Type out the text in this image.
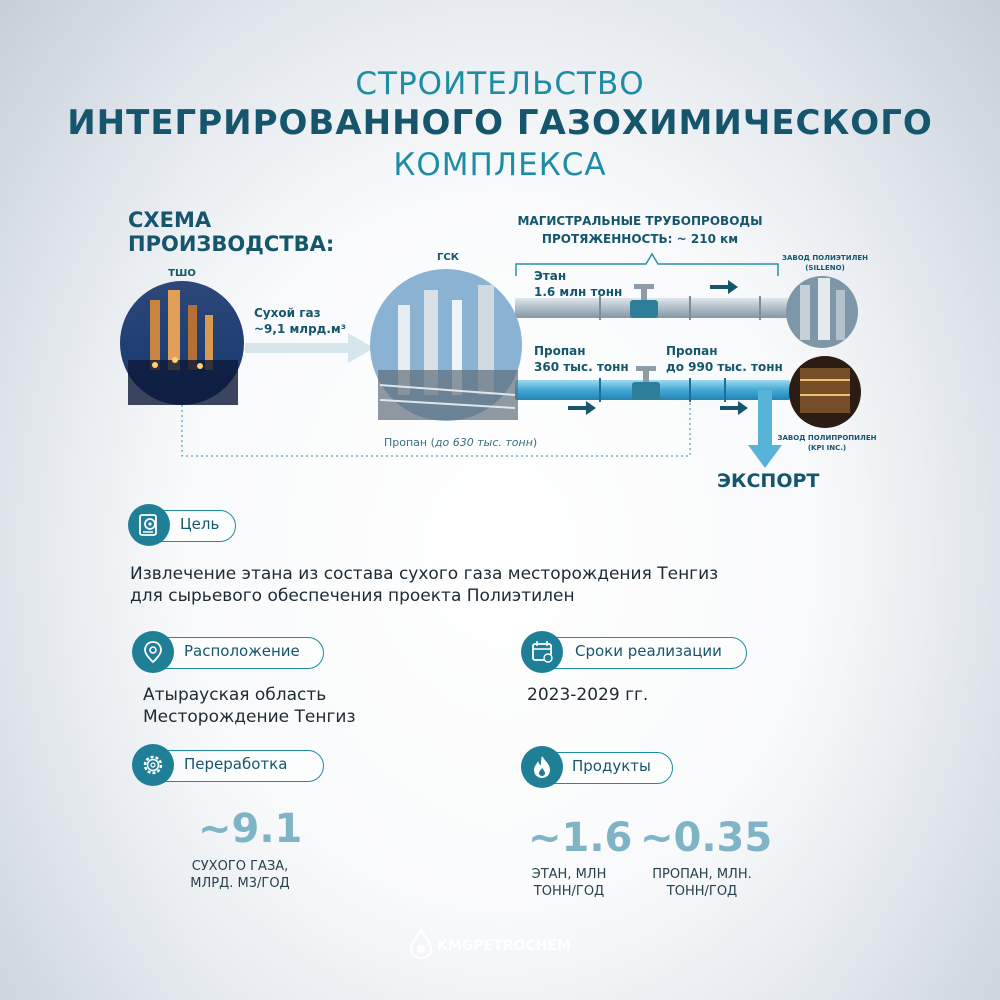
СТРОИТЕЛЬСТВО
ИНТЕГРИРОВАННОГО ГАЗОХИМИЧЕСКОГО
КОМПЛЕКСА
СХЕМА
ПРОИЗВОДСТВА:
ТШО
ГСК
Сухой газ
~9,1 млрд.м³
МАГИСТРАЛЬНЫЕ ТРУБОПРОВОДЫ
ПРОТЯЖЕННОСТЬ: ~ 210 км
Этан
1.6 млн тонн
Пропан
360 тыс. тонн
Пропан
до 990 тыс. тонн
Пропан (до 630 тыс. тонн)
ЗАВОД ПОЛИЭТИЛЕН
(SILLENO)
ЗАВОД ПОЛИПРОПИЛЕН
(KPI INC.)
ЭКСПОРТ
Цель
Извлечение этана из состава сухого газа месторождения Тенгиз
для сырьевого обеспечения проекта Полиэтилен
Расположение
Атырауская область
Месторождение Тенгиз
Сроки реализации
2023-2029 гг.
Переработка
~9.1
СУХОГО ГАЗА,
МЛРД. М3/ГОД
Продукты
~1.6
ЭТАН, МЛН
ТОНН/ГОД
~0.35
ПРОПАН, МЛН.
ТОНН/ГОД
KMGPETROCHEM
